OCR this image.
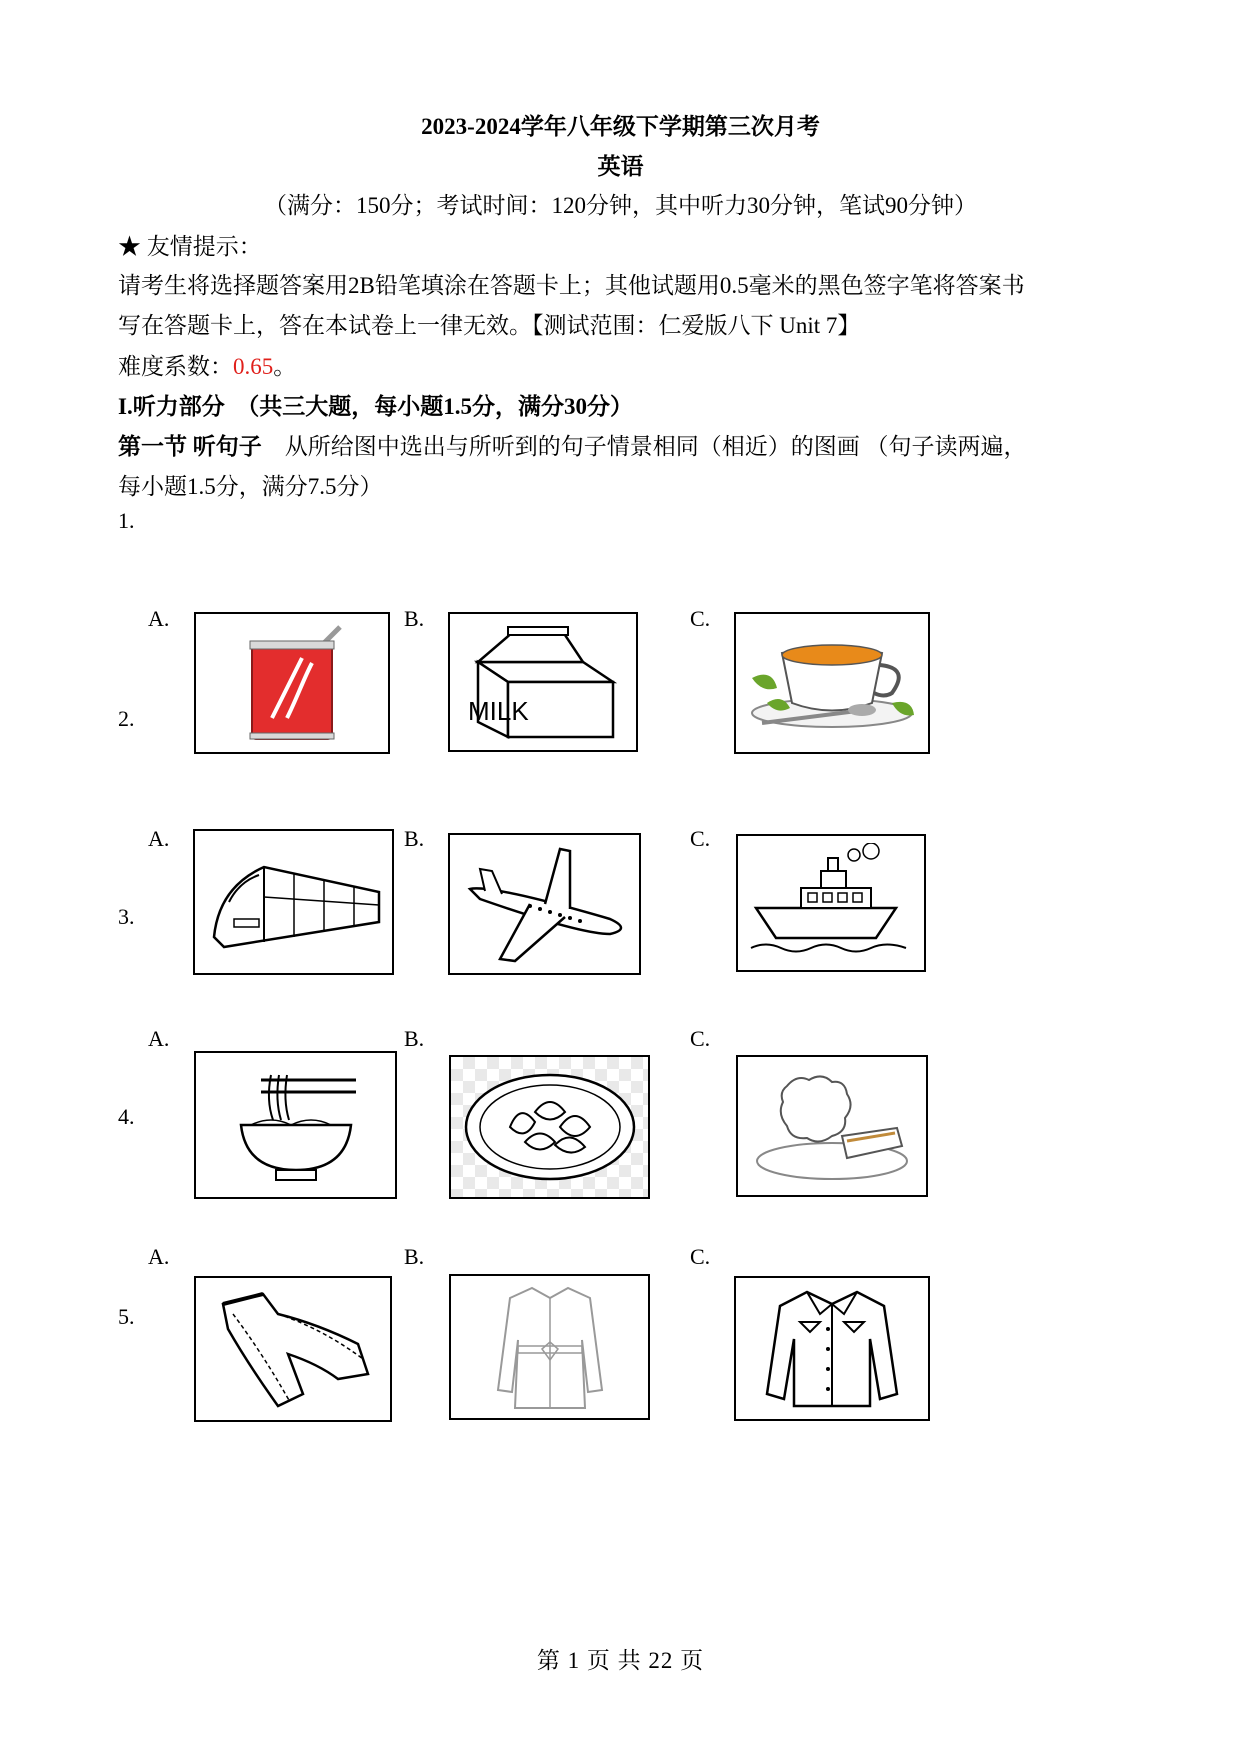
2023-2024学年八年级下学期第三次月考
英语
（满分：150分；考试时间：120分钟，其中听力30分钟，笔试90分钟）
★ 友情提示：
请考生将选择题答案用2B铅笔填涂在答题卡上；其他试题用0.5毫米的黑色签字笔将答案书
写在答题卡上，答在本试卷上一律无效。【测试范围：仁爱版八下 Unit 7】
难度系数：0.65。
I.听力部分　（共三大题，每小题1.5分，满分30分）
第一节 听句子　从所给图中选出与所听到的句子情景相同（相近）的图画 （句子读两遍，
每小题1.5分，满分7.5分）
1.
A.	B.
MILK
C.
2.
A.	B.	C.
3.
A.	B.	C.
4.
A.	B.	C.
5.
第 1 页 共 22 页
